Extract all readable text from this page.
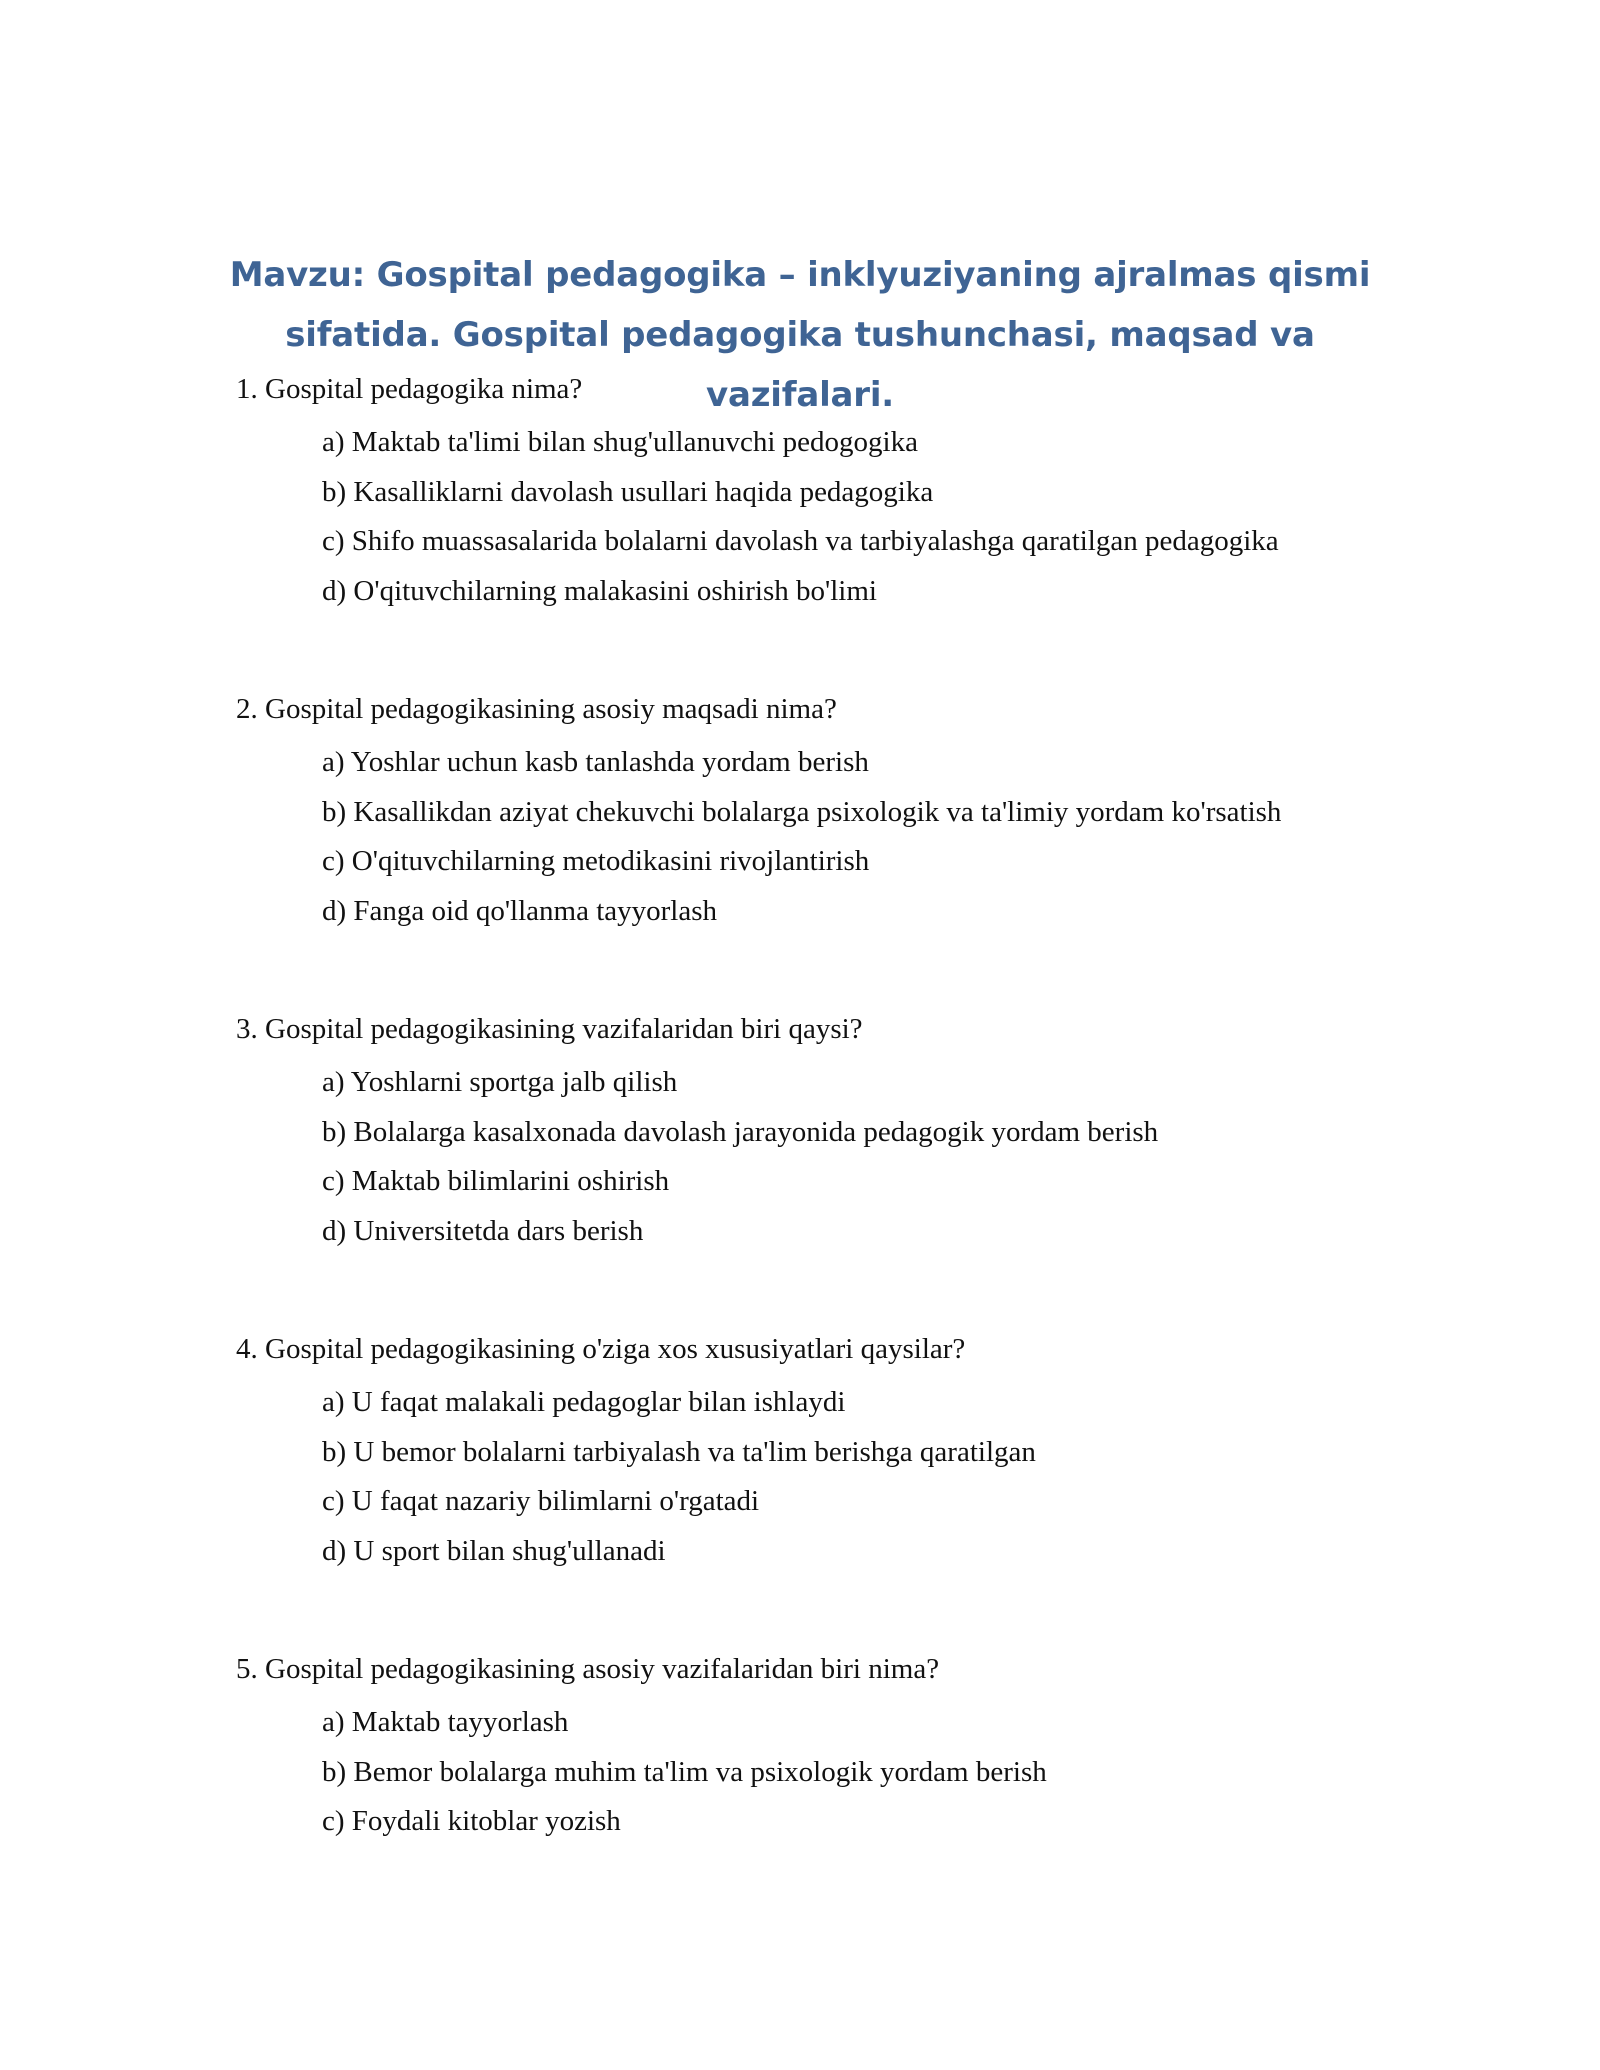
Mavzu: Gospital pedagogika – inklyuziyaning ajralmas qismi sifatida. Gospital pedagogika tushunchasi, maqsad va vazifalari.
1. Gospital pedagogika nima?
a) Maktab ta'limi bilan shug'ullanuvchi pedogogika
b) Kasalliklarni davolash usullari haqida pedagogika
c) Shifo muassasalarida bolalarni davolash va tarbiyalashga qaratilgan pedagogika
d) O'qituvchilarning malakasini oshirish bo'limi
2. Gospital pedagogikasining asosiy maqsadi nima?
a) Yoshlar uchun kasb tanlashda yordam berish
b) Kasallikdan aziyat chekuvchi bolalarga psixologik va ta'limiy yordam ko'rsatish
c) O'qituvchilarning metodikasini rivojlantirish
d) Fanga oid qo'llanma tayyorlash
3. Gospital pedagogikasining vazifalaridan biri qaysi?
a) Yoshlarni sportga jalb qilish
b) Bolalarga kasalxonada davolash jarayonida pedagogik yordam berish
c) Maktab bilimlarini oshirish
d) Universitetda dars berish
4. Gospital pedagogikasining o'ziga xos xususiyatlari qaysilar?
a) U faqat malakali pedagoglar bilan ishlaydi
b) U bemor bolalarni tarbiyalash va ta'lim berishga qaratilgan
c) U faqat nazariy bilimlarni o'rgatadi
d) U sport bilan shug'ullanadi
5. Gospital pedagogikasining asosiy vazifalaridan biri nima?
a) Maktab tayyorlash
b) Bemor bolalarga muhim ta'lim va psixologik yordam berish
c) Foydali kitoblar yozish
